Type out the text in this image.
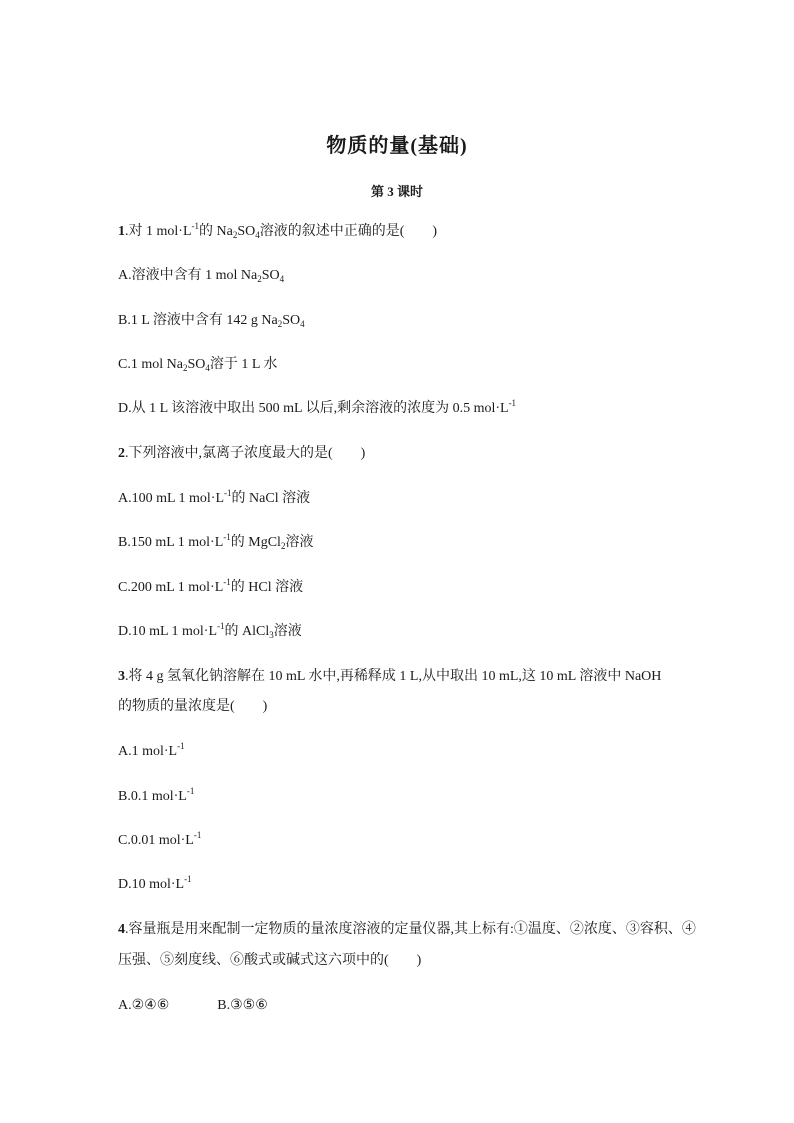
物质的量(基础)
第 3 课时
1.对 1 $mol\cdot L^{-1}$的 $Na_2SO_4$溶液的叙述中正确的是(　　)
A.溶液中含有 1 mol $Na_2SO_4$
B.1 L 溶液中含有 142 g $Na_2SO_4$
C.1 mol $Na_2SO_4$溶于 1 L 水
D.从 1 L 该溶液中取出 500 mL 以后,剩余溶液的浓度为 0.5 $mol\cdot L^{-1}$
2.下列溶液中,氯离子浓度最大的是(　　)
A.100 mL 1 $mol\cdot L^{-1}$的 NaCl 溶液
B.150 mL 1 $mol\cdot L^{-1}$的 MgCl$_2$溶液
C.200 mL 1 $mol\cdot L^{-1}$的 HCl 溶液
D.10 mL 1 $mol\cdot L^{-1}$的 AlCl$_3$溶液
3.将 4 g 氢氧化钠溶解在 10 mL 水中,再稀释成 1 L,从中取出 10 mL,这 10 mL 溶液中 NaOH
的物质的量浓度是(　　)
A.1 $mol\cdot L^{-1}$
B.0.1 $mol\cdot L^{-1}$
C.0.01 $mol\cdot L^{-1}$
D.10 $mol\cdot L^{-1}$
4.容量瓶是用来配制一定物质的量浓度溶液的定量仪器,其上标有:①温度、②浓度、③容积、④
压强、⑤刻度线、⑥酸式或碱式这六项中的(　　)
A.②④⑥	B.③⑤⑥
